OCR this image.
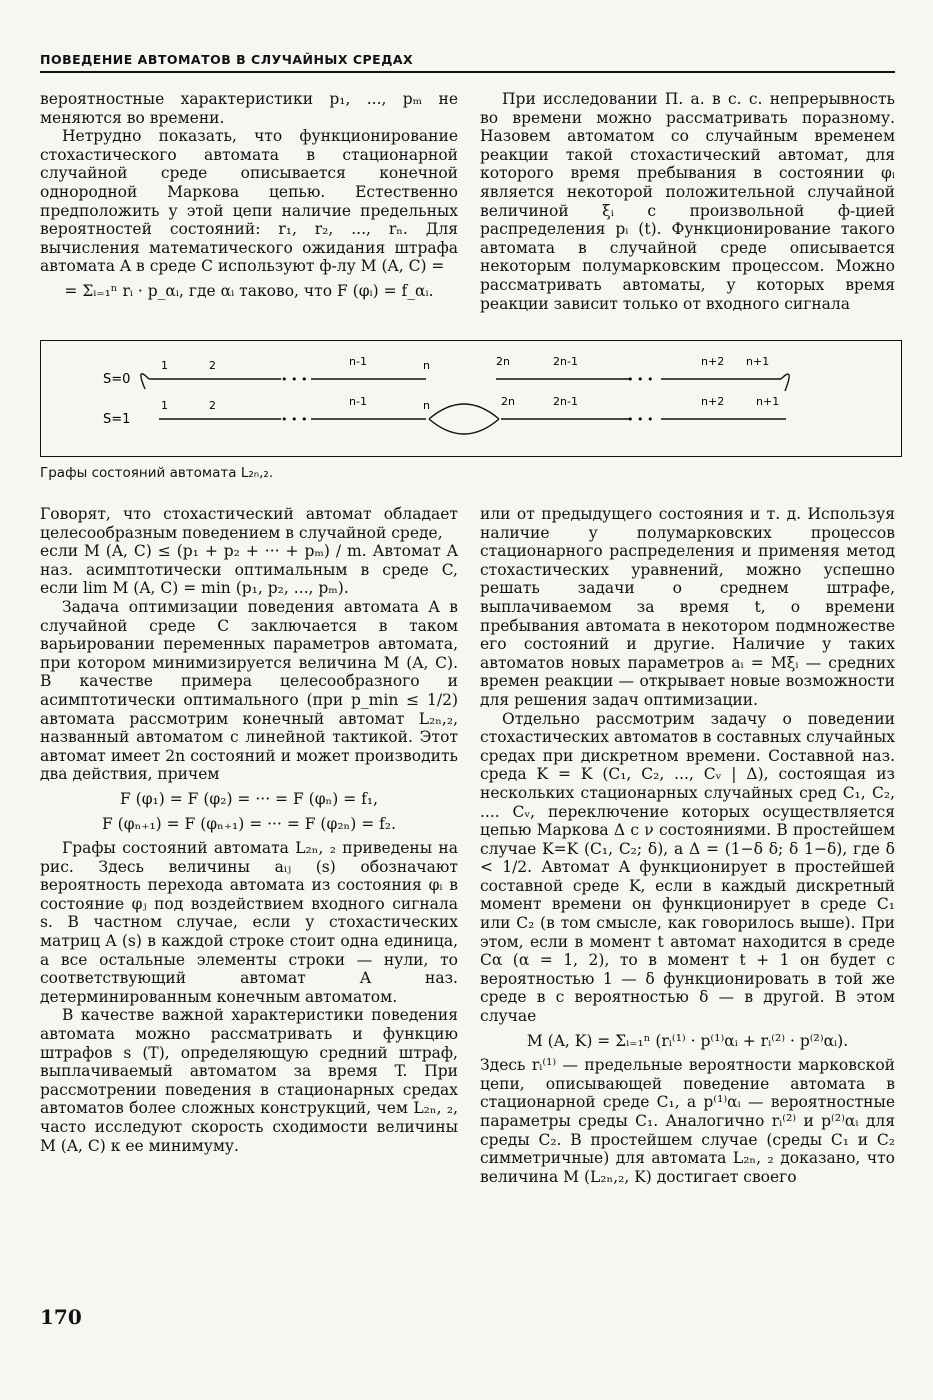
ПОВЕДЕНИЕ АВТОМАТОВ В СЛУЧАЙНЫХ СРЕДАХ

вероятностные характеристики p₁, ..., pₘ не меняются во времени.

Нетрудно показать, что функционирование стохастического автомата в стационарной случайной среде описывается конечной однородной Маркова цепью. Естественно предположить у этой цепи наличие предельных вероятностей состояний: r₁, r₂, ..., rₙ. Для вычисления математического ожидания штрафа автомата A в среде C используют ф-лу M (A, C) =

= Σᵢ₌₁ⁿ rᵢ · p_αᵢ, где αᵢ таково, что F (φᵢ) = f_αᵢ.

При исследовании П. а. в с. с. непрерывность во времени можно рассматривать поразному. Назовем автоматом со случайным временем реакции такой стохастический автомат, для которого время пребывания в состоянии φᵢ является некоторой положительной случайной величиной ξᵢ с произвольной ф-цией распределения pᵢ (t). Функционирование такого автомата в случайной среде описывается некоторым полумарковским процессом. Можно рассматривать автоматы, у которых время реакции зависит только от входного сигнала

S=0
1	2	n-1	n	2n	2n-1	n+2 n+1
• • •	• • •
S=1
1	2	n-1	n	2n	2n-1	n+2	n+1
• • •	• • •
Графы состояний автомата L₂ₙ,₂.

Говорят, что стохастический автомат обладает целесообразным поведением в случайной среде,

если M (A, C) ≤ (p₁ + p₂ + ··· + pₘ) / m. Автомат A наз. асимптотически оптимальным в среде C, если lim M (A, C) = min (p₁, p₂, ..., pₘ).

Задача оптимизации поведения автомата A в случайной среде C заключается в таком варьировании переменных параметров автомата, при котором минимизируется величина M (A, C). В качестве примера целесообразного и асимптотически оптимального (при p_min ≤ 1/2) автомата рассмотрим конечный автомат L₂ₙ,₂, названный автоматом с линейной тактикой. Этот автомат имеет 2n состояний и может производить два действия, причем

F (φ₁) = F (φ₂) = ··· = F (φₙ) = f₁,

F (φₙ₊₁) = F (φₙ₊₁) = ··· = F (φ₂ₙ) = f₂.

Графы состояний автомата L₂ₙ, ₂ приведены на рис. Здесь величины aᵢⱼ (s) обозначают вероятность перехода автомата из состояния φᵢ в состояние φⱼ под воздействием входного сигнала s. В частном случае, если у стохастических матриц A (s) в каждой строке стоит одна единица, а все остальные элементы строки — нули, то соответствующий автомат A наз. детерминированным конечным автоматом.

В качестве важной характеристики поведения автомата можно рассматривать и функцию штрафов s (T), определяющую средний штраф, выплачиваемый автоматом за время T. При рассмотрении поведения в стационарных средах автоматов более сложных конструкций, чем L₂ₙ, ₂, часто исследуют скорость сходимости величины M (A, C) к ее минимуму.

или от предыдущего состояния и т. д. Используя наличие у полумарковских процессов стационарного распределения и применяя метод стохастических уравнений, можно успешно решать задачи о среднем штрафе, выплачиваемом за время t, о времени пребывания автомата в некотором подмножестве его состояний и другие. Наличие у таких автоматов новых параметров aᵢ = Mξᵢ — средних времен реакции — открывает новые возможности для решения задач оптимизации.

Отдельно рассмотрим задачу о поведении стохастических автоматов в составных случайных средах при дискретном времени. Составной наз. среда K = K (C₁, C₂, ..., Cᵥ | Δ), состоящая из нескольких стационарных случайных сред C₁, C₂, .... Cᵥ, переключение которых осуществляется цепью Маркова Δ с ν состояниями. В простейшем случае K=K (C₁, C₂; δ), а Δ = (1−δ δ; δ 1−δ), где δ < 1/2. Автомат A функционирует в простейшей составной среде K, если в каждый дискретный момент времени он функционирует в среде C₁ или C₂ (в том смысле, как говорилось выше). При этом, если в момент t автомат находится в среде Cα (α = 1, 2), то в момент t + 1 он будет с вероятностью 1 — δ функционировать в той же среде в с вероятностью δ — в другой. В этом случае

M (A, K) = Σᵢ₌₁ⁿ (rᵢ⁽¹⁾ · p⁽¹⁾αᵢ + rᵢ⁽²⁾ · p⁽²⁾αᵢ).

Здесь rᵢ⁽¹⁾ — предельные вероятности марковской цепи, описывающей поведение автомата в стационарной среде C₁, а p⁽¹⁾αᵢ — вероятностные параметры среды C₁. Аналогично rᵢ⁽²⁾ и p⁽²⁾αᵢ для среды C₂. В простейшем случае (среды C₁ и C₂ симметричные) для автомата L₂ₙ, ₂ доказано, что величина M (L₂ₙ,₂, K) достигает своего

170
